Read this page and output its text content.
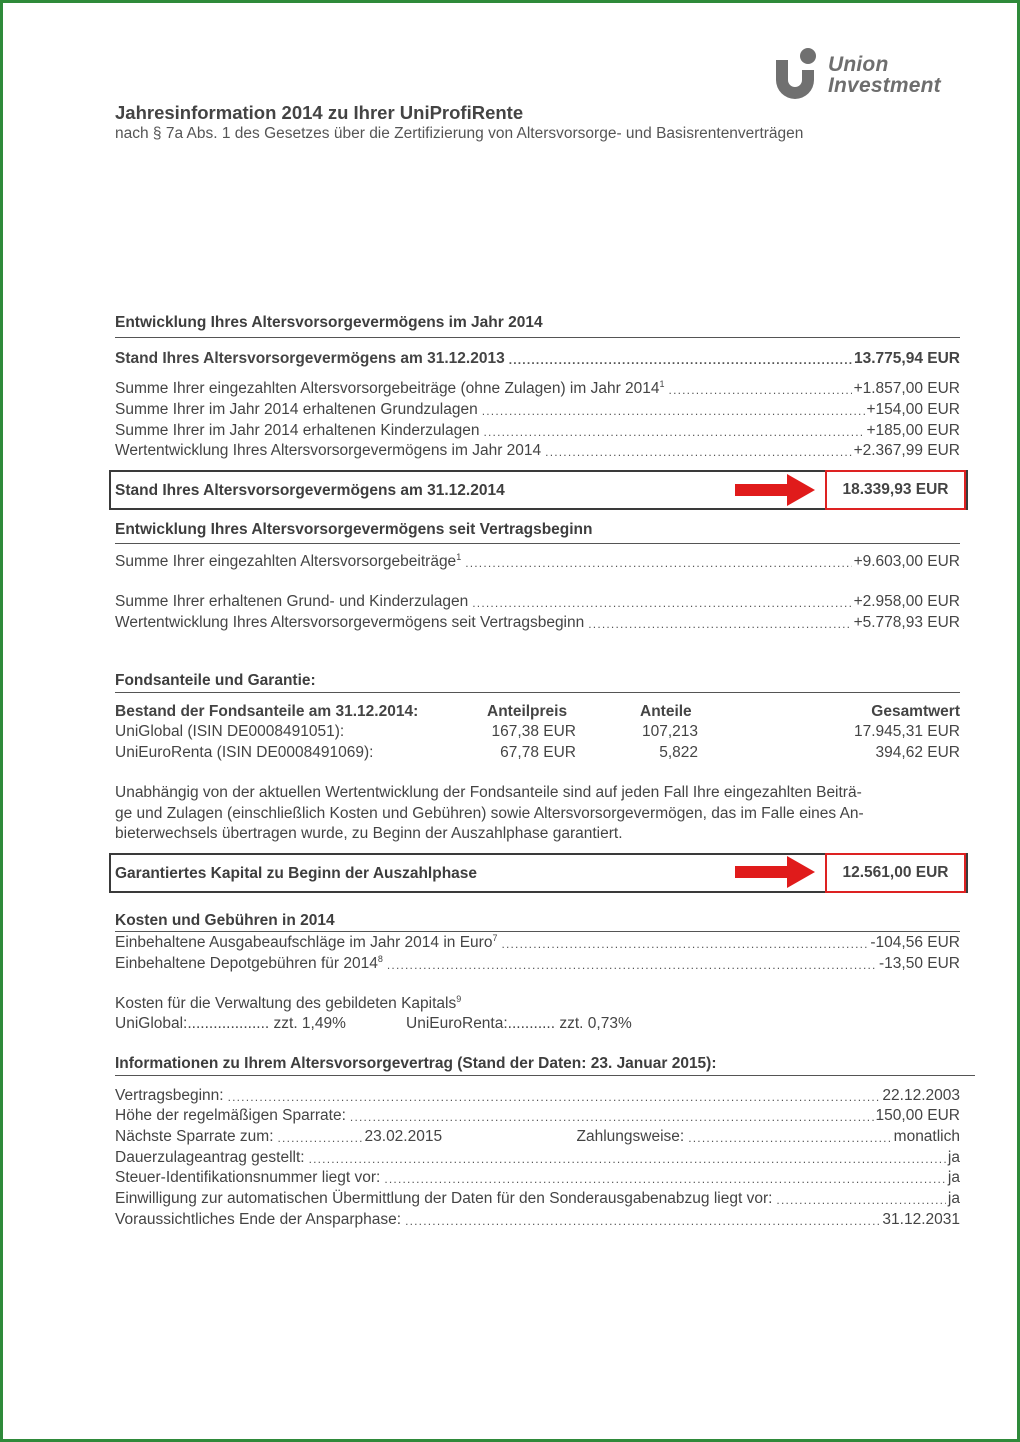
Union
Investment
Jahresinformation 2014 zu Ihrer UniProfiRente
nach § 7a Abs. 1 des Gesetzes über die Zertifizierung von Altersvorsorge- und Basisrentenverträgen
Entwicklung Ihres Altersvorsorgevermögens im Jahr 2014
Stand Ihres Altersvorsorgevermögens am 31.12.2013 .....	13.775,94 EUR
Summe Ihrer eingezahlten Altersvorsorgebeiträge (ohne Zulagen) im Jahr 2014$^1$ .....	+1.857,00 EUR
Summe Ihrer im Jahr 2014 erhaltenen Grundzulagen .....	+154,00 EUR
Summe Ihrer im Jahr 2014 erhaltenen Kinderzulagen .....	+185,00 EUR
Wertentwicklung Ihres Altersvorsorgevermögens im Jahr 2014 .....	+2.367,99 EUR
Stand Ihres Altersvorsorgevermögens am 31.12.2014	18.339,93 EUR
Entwicklung Ihres Altersvorsorgevermögens seit Vertragsbeginn
Summe Ihrer eingezahlten Altersvorsorgebeiträge$^1$ .....	+9.603,00 EUR
Summe Ihrer erhaltenen Grund- und Kinderzulagen .....	+2.958,00 EUR
Wertentwicklung Ihres Altersvorsorgevermögens seit Vertragsbeginn .....	+5.778,93 EUR
Fondsanteile und Garantie:
Bestand der Fondsanteile am 31.12.2014:	Anteilpreis	Anteile	Gesamtwert
UniGlobal (ISIN DE0008491051):	167,38 EUR	107,213	17.945,31 EUR
UniEuroRenta (ISIN DE0008491069):	67,78 EUR	5,822	394,62 EUR
Unabhängig von der aktuellen Wertentwicklung der Fondsanteile sind auf jeden Fall Ihre eingezahlten Beiträ-
ge und Zulagen (einschließlich Kosten und Gebühren) sowie Altersvorsorgevermögen, das im Falle eines An-
bieterwechsels übertragen wurde, zu Beginn der Auszahlphase garantiert.
Garantiertes Kapital zu Beginn der Auszahlphase	12.561,00 EUR
Kosten und Gebühren in 2014
Einbehaltene Ausgabeaufschläge im Jahr 2014 in Euro$^7$ .....	-104,56 EUR
Einbehaltene Depotgebühren für 2014$^8$ .....	-13,50 EUR
Kosten für die Verwaltung des gebildeten Kapitals$^9$
UniGlobal:................... zzt. 1,49%	UniEuroRenta:........... zzt. 0,73%
Informationen zu Ihrem Altersvorsorgevertrag (Stand der Daten: 23. Januar 2015):
Vertragsbeginn: .....	22.12.2003
Höhe der regelmäßigen Sparrate: .....	150,00 EUR
Nächste Sparrate zum: .....	23.02.2015	Zahlungsweise: .....	monatlich
Dauerzulageantrag gestellt: .....	ja
Steuer-Identifikationsnummer liegt vor: .....	ja
Einwilligung zur automatischen Übermittlung der Daten für den Sonderausgabenabzug liegt vor: .....	ja
Voraussichtliches Ende der Ansparphase: .....	31.12.2031
